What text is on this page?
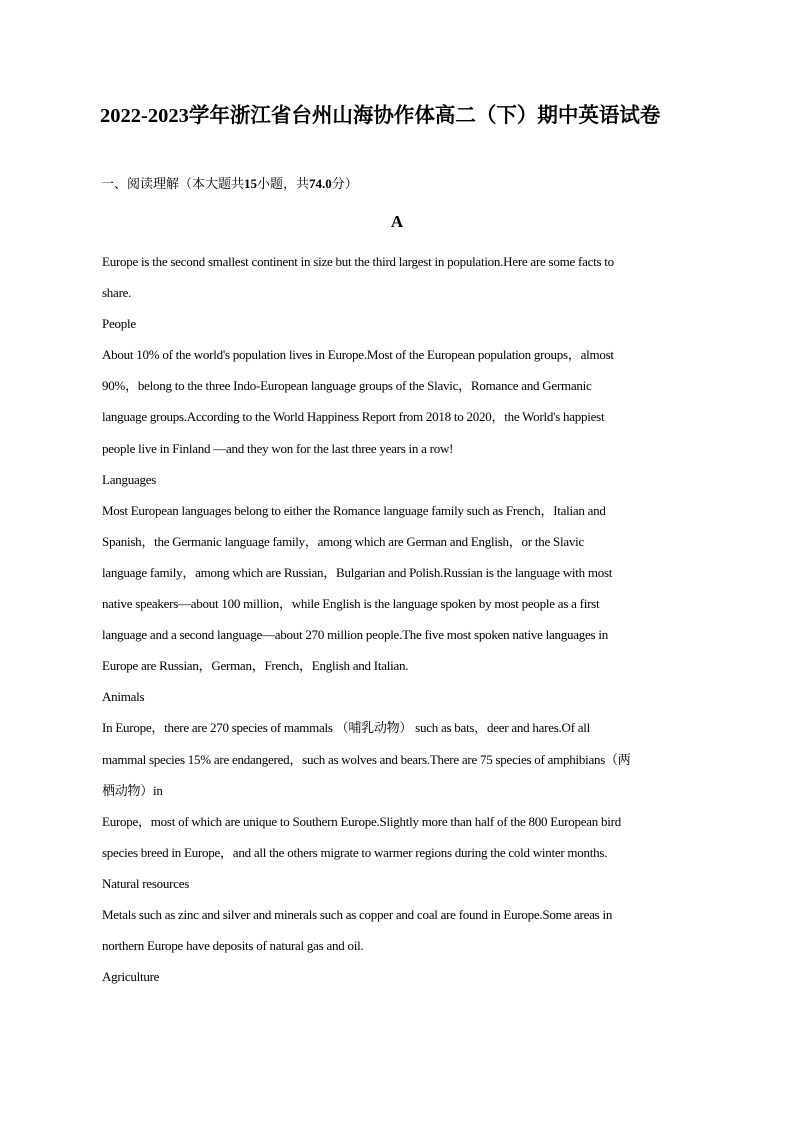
2022-2023学年浙江省台州山海协作体高二（下）期中英语试卷
一、阅读理解（本大题共15小题，共74.0分）
A
Europe is the second smallest continent in size but the third largest in population.Here are some facts to
share.
People
About 10% of the world's population lives in Europe.Most of the European population groups，almost
90%，belong to the three Indo-European language groups of the Slavic，Romance and Germanic
language groups.According to the World Happiness Report from 2018 to 2020，the World's happiest
people live in Finland —and they won for the last three years in a row!
Languages
Most European languages belong to either the Romance language family such as French，Italian and
Spanish，the Germanic language family，among which are German and English，or the Slavic
language family，among which are Russian，Bulgarian and Polish.Russian is the language with most
native speakers—about 100 million，while English is the language spoken by most people as a first
language and a second language—about 270 million people.The five most spoken native languages in
Europe are Russian，German，French，English and Italian.
Animals
In Europe，there are 270 species of mammals （哺乳动物） such as bats，deer and hares.Of all
mammal species 15% are endangered，such as wolves and bears.There are 75 species of amphibians（两
栖动物）in
Europe，most of which are unique to Southern Europe.Slightly more than half of the 800 European bird
species breed in Europe，and all the others migrate to warmer regions during the cold winter months.
Natural resources
Metals such as zinc and silver and minerals such as copper and coal are found in Europe.Some areas in
northern Europe have deposits of natural gas and oil.
Agriculture
